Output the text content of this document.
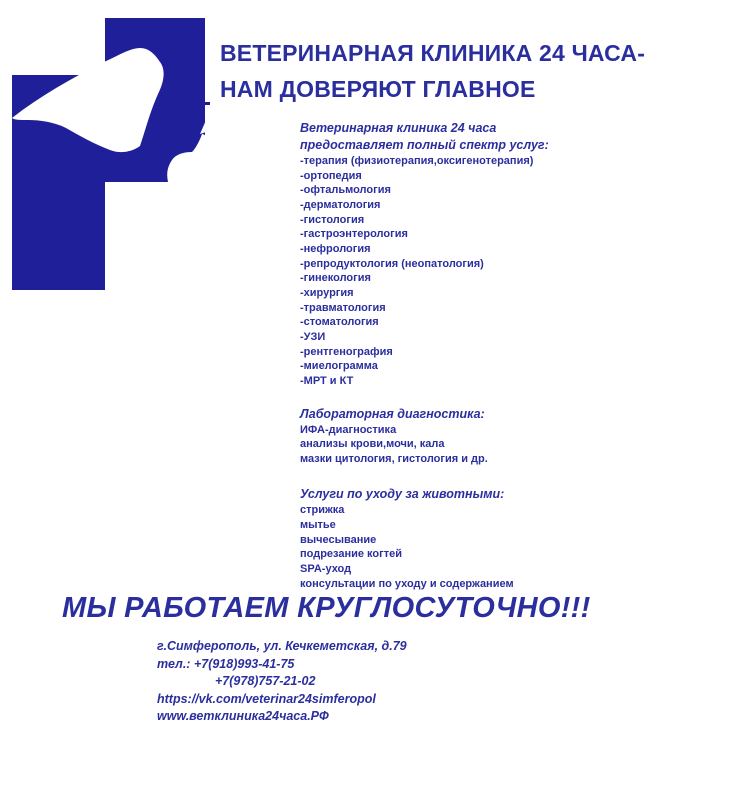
ВЕТЕРИНАРНАЯ КЛИНИКА 24 ЧАСА-
НАМ ДОВЕРЯЮТ ГЛАВНОЕ
Ветеринарная клиника 24 часа
предоставляет полный спектр услуг:
-терапия (физиотерапия,оксигенотерапия)
-ортопедия
-офтальмология
-дерматология
-гистология
-гастроэнтерология
-нефрология
-репродуктология (неопатология)
-гинекология
-хирургия
-травматология
-стоматология
-УЗИ
-рентгенография
-миелограмма
-МРТ и КТ
Лабораторная диагностика:
ИФА-диагностика
анализы крови,мочи, кала
мазки цитология, гистология и др.
Услуги по уходу за животными:
стрижка
мытье
вычесывание
подрезание когтей
SPA-уход
консультации по уходу и содержанием
МЫ РАБОТАЕМ КРУГЛОСУТОЧНО!!!
г.Симферополь, ул. Кечкеметская, д.79
тел.: +7(918)993-41-75
+7(978)757-21-02
https://vk.com/veterinar24simferopol
www.ветклиника24часа.РФ
